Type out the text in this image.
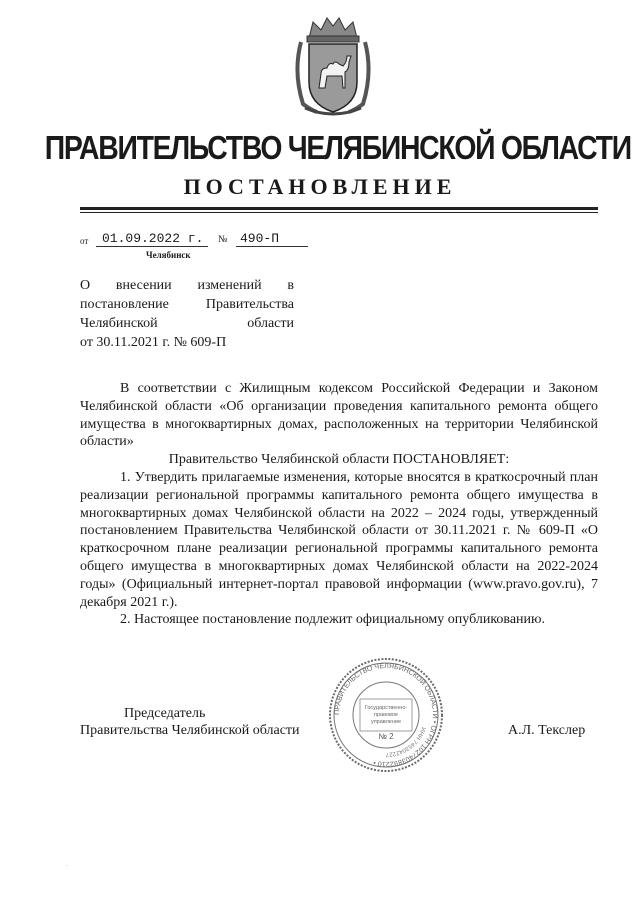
ПРАВИТЕЛЬСТВО ЧЕЛЯБИНСКОЙ ОБЛАСТИ
ПОСТАНОВЛЕНИЕ
от 01.09.2022 г. № 490-П
Челябинск
О внесении изменений в
постановление Правительства
Челябинской области
от 30.11.2021 г. № 609-П
В соответствии с Жилищным кодексом Российской Федерации и Законом Челябинской области «Об организации проведения капитального ремонта общего имущества в многоквартирных домах, расположенных на территории Челябинской области»
Правительство Челябинской области ПОСТАНОВЛЯЕТ:
1. Утвердить прилагаемые изменения, которые вносятся в краткосрочный план реализации региональной программы капитального ремонта общего имущества в многоквартирных домах Челябинской области на 2022 – 2024 годы, утвержденный постановлением Правительства Челябинской области от 30.11.2021 г. № 609-П «О краткосрочном плане реализации региональной программы капитального ремонта общего имущества в многоквартирных домах Челябинской области на 2022-2024 годы» (Официальный интернет-портал правовой информации (www.pravo.gov.ru), 7 декабря 2021 г.).
2. Настоящее постановление подлежит официальному опубликованию.
Председатель
Правительства Челябинской области	А.Л. Текслер
ПРАВИТЕЛЬСТВО ЧЕЛЯБИНСКОЙ ОБЛАСТИ • ОГРН 1027403892210 •
ИНН 7453042227
Государственно-
правовое
управление
№ 2
.
